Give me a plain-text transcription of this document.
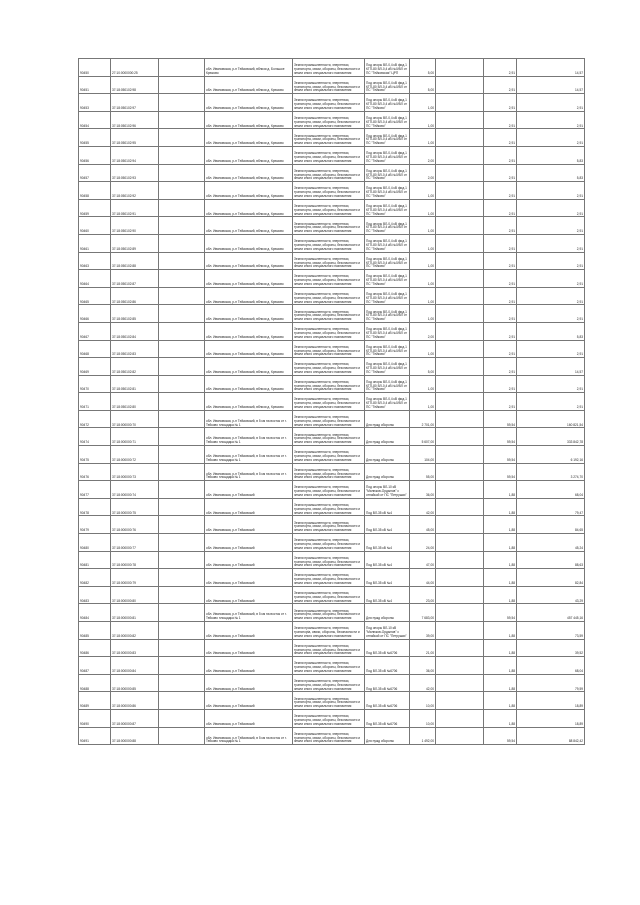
90450	27:10:0000000:25		обл. Ивановская, р-н Тейковский, вблизи д. Большое Крюково	Земли промышленности, энергетики, транспорта, связи, обороны, безопасности и земли иного специального назначения	Под опоры ВЛ-0,4 кВ фид.1 КТП-80 ВЛ-0,4 кВ №0/ВЛ от ПС "Тейковская" ЦРП	5,00		2,91	14,57
90451	37:18:050102:98		обл. Ивановская, р-н Тейковский, вблизи д. Крюково	Земли промышленности, энергетики, транспорта, связи, обороны, безопасности и земли иного специального назначения	Под опоры ВЛ-0,4 кВ фид.1 КТП-80 ВЛ-0,4 кВ №0/ВЛ от ПС "Тейково"	5,00		2,91	14,57
90453	37:18:050102:97		обл. Ивановская, р-н Тейковский, вблизи д. Крюково	Земли промышленности, энергетики, транспорта, связи, обороны, безопасности и земли иного специального назначения	Под опоры ВЛ-0,4 кВ фид.1 КТП-80 ВЛ-0,4 кВ №0/ВЛ от ПС "Тейково"	1,00		2,91	2,91
90454	37:18:050102:96		обл. Ивановская, р-н Тейковский, вблизи д. Крюково	Земли промышленности, энергетики, транспорта, связи, обороны, безопасности и земли иного специального назначения	Под опоры ВЛ-0,4 кВ фид.1 КТП-80 ВЛ-0,4 кВ №0/ВЛ от ПС "Тейково"	1,00		2,91	2,91
90455	37:18:050102:95		обл. Ивановская, р-н Тейковский, вблизи д. Крюково	Земли промышленности, энергетики, транспорта, связи, обороны, безопасности и земли иного специального назначения	Под опоры ВЛ-0,4 кВ фид.1 КТП-80 ВЛ-0,4 кВ №0/ВЛ от ПС "Тейково"	1,00		2,91	2,91
90456	37:18:050102:94		обл. Ивановская, р-н Тейковский, вблизи д. Крюково	Земли промышленности, энергетики, транспорта, связи, обороны, безопасности и земли иного специального назначения	Под опоры ВЛ-0,4 кВ фид.1 КТП-80 ВЛ-0,4 кВ №0/ВЛ от ПС "Тейково"	2,00		2,91	5,83
90457	37:18:050102:93		обл. Ивановская, р-н Тейковский, вблизи д. Крюково	Земли промышленности, энергетики, транспорта, связи, обороны, безопасности и земли иного специального назначения	Под опоры ВЛ-0,4 кВ фид.1 КТП-80 ВЛ-0,4 кВ №0/ВЛ от ПС "Тейково"	2,00		2,91	5,83
90458	37:18:050102:92		обл. Ивановская, р-н Тейковский, вблизи д. Крюково	Земли промышленности, энергетики, транспорта, связи, обороны, безопасности и земли иного специального назначения	Под опоры ВЛ-0,4 кВ фид.1 КТП-80 ВЛ-0,4 кВ №0/ВЛ от ПС "Тейково"	1,00		2,91	2,91
90459	37:18:050102:91		обл. Ивановская, р-н Тейковский, вблизи д. Крюково	Земли промышленности, энергетики, транспорта, связи, обороны, безопасности и земли иного специального назначения	Под опоры ВЛ-0,4 кВ фид.1 КТП-80 ВЛ-0,4 кВ №0/ВЛ от ПС "Тейково"	1,00		2,91	2,91
90460	37:18:050102:90		обл. Ивановская, р-н Тейковский, вблизи д. Крюково	Земли промышленности, энергетики, транспорта, связи, обороны, безопасности и земли иного специального назначения	Под опоры ВЛ-0,4 кВ фид.1 КТП-80 ВЛ-0,4 кВ №0/ВЛ от ПС "Тейково"	1,00		2,91	2,91
90461	37:18:050102:89		обл. Ивановская, р-н Тейковский, вблизи д. Крюково	Земли промышленности, энергетики, транспорта, связи, обороны, безопасности и земли иного специального назначения	Под опоры ВЛ-0,4 кВ фид.1 КТП-80 ВЛ-0,4 кВ №0/ВЛ от ПС "Тейково"	1,00		2,91	2,91
90463	37:18:050102:88		обл. Ивановская, р-н Тейковский, вблизи д. Крюково	Земли промышленности, энергетики, транспорта, связи, обороны, безопасности и земли иного специального назначения	Под опоры ВЛ-0,4 кВ фид.1 КТП-80 ВЛ-0,4 кВ №0/ВЛ от ПС "Тейково"	1,00		2,91	2,91
90464	37:18:050102:87		обл. Ивановская, р-н Тейковский, вблизи д. Крюково	Земли промышленности, энергетики, транспорта, связи, обороны, безопасности и земли иного специального назначения	Под опоры ВЛ-0,4 кВ фид.1 КТП-80 ВЛ-0,4 кВ №0/ВЛ от ПС "Тейково"	1,00		2,91	2,91
90465	37:18:050102:86		обл. Ивановская, р-н Тейковский, вблизи д. Крюково	Земли промышленности, энергетики, транспорта, связи, обороны, безопасности и земли иного специального назначения	Под опоры ВЛ-0,4 кВ фид.1 КТП-80 ВЛ-0,4 кВ №0/ВЛ от ПС "Тейково"	1,00		2,91	2,91
90466	37:18:050102:85		обл. Ивановская, р-н Тейковский, вблизи д. Крюково	Земли промышленности, энергетики, транспорта, связи, обороны, безопасности и земли иного специального назначения	Под опоры ВЛ-0,4 кВ фид.1 КТП-80 ВЛ-0,4 кВ №0/ВЛ от ПС "Тейково"	1,00		2,91	2,91
90467	37:18:050102:84		обл. Ивановская, р-н Тейковский, вблизи д. Крюково	Земли промышленности, энергетики, транспорта, связи, обороны, безопасности и земли иного специального назначения	Под опоры ВЛ-0,4 кВ фид.1 КТП-80 ВЛ-0,4 кВ №0/ВЛ от ПС "Тейково"	2,00		2,91	5,83
90468	37:18:050102:83		обл. Ивановская, р-н Тейковский, вблизи д. Крюково	Земли промышленности, энергетики, транспорта, связи, обороны, безопасности и земли иного специального назначения	Под опоры ВЛ-0,4 кВ фид.1 КТП-80 ВЛ-0,4 кВ №0/ВЛ от ПС "Тейково"	1,00		2,91	2,91
90469	37:18:050102:82		обл. Ивановская, р-н Тейковский, вблизи д. Крюково	Земли промышленности, энергетики, транспорта, связи, обороны, безопасности и земли иного специального назначения	Под опоры ВЛ-0,4 кВ фид.1 КТП-80 ВЛ-0,4 кВ №0/ВЛ от ПС "Тейково"	5,00		2,91	14,57
90470	37:18:050102:81		обл. Ивановская, р-н Тейковский, вблизи д. Крюково	Земли промышленности, энергетики, транспорта, связи, обороны, безопасности и земли иного специального назначения	Под опоры ВЛ-0,4 кВ фид.1 КТП-80 ВЛ-0,4 кВ №0/ВЛ от ПС "Тейково"	1,00		2,91	2,91
90471	37:18:050102:80		обл. Ивановская, р-н Тейковский, вблизи д. Крюково	Земли промышленности, энергетики, транспорта, связи, обороны, безопасности и земли иного специального назначения	Под опоры ВЛ-0,4 кВ фид.1 КТП-80 ВЛ-0,4 кВ №0/ВЛ от ПС "Тейково"	1,00		2,91	2,91
90472	37:18:000000:70		обл. Ивановская, р-н Тейковский, в 5 км на восток от г. Тейково площадка № 1	Земли промышленности, энергетики, транспорта, связи, обороны, безопасности и земли иного специального назначения	Для нужд обороны	2 701,00		59,54	160 821,54
90474	37:18:000000:71		обл. Ивановская, р-н Тейковский, в 5 км на восток от г. Тейково площадка № 1	Земли промышленности, энергетики, транспорта, связи, обороны, безопасности и земли иного специального назначения	Для нужд обороны	5 607,00		59,54	333 842,78
90475	37:18:000000:72		обл. Ивановская, р-н Тейковский, в 5 км на восток от г. Тейково площадка № 1	Земли промышленности, энергетики, транспорта, связи, обороны, безопасности и земли иного специального назначения	Для нужд обороны	104,00		59,54	6 192,16
90476	37:18:000000:73		обл. Ивановская, р-н Тейковский, в 5 км на восток от г. Тейково площадка № 1	Земли промышленности, энергетики, транспорта, связи, обороны, безопасности и земли иного специального назначения	Для нужд обороны	55,00		59,54	3 274,70
90477	37:18:000000:74		обл. Ивановская, р-н Тейковский	Земли промышленности, энергетики, транспорта, связи, обороны, безопасности и земли иного специального назначения	Под опоры ВЛ-10 кВ "Милюков-Ордынов" с отпайкой от ПС "Петрушки"	36,00		1,88	68,04
90478	37:18:000000:75		обл. Ивановская, р-н Тейковский	Земли промышленности, энергетики, транспорта, связи, обороны, безопасности и земли иного специального назначения	Под ВЛ-35 кВ №4	42,00		1,88	79,47
90479	37:18:000000:76		обл. Ивановская, р-н Тейковский	Земли промышленности, энергетики, транспорта, связи, обороны, безопасности и земли иного специального назначения	Под ВЛ-35 кВ №4	45,00		1,88	84,65
90480	37:18:000000:77		обл. Ивановская, р-н Тейковский	Земли промышленности, энергетики, транспорта, связи, обороны, безопасности и земли иного специального назначения	Под ВЛ-35 кВ №4	24,00		1,88	45,24
90481	37:18:000000:78		обл. Ивановская, р-н Тейковский	Земли промышленности, энергетики, транспорта, связи, обороны, безопасности и земли иного специального назначения	Под ВЛ-35 кВ №4	47,00		1,88	88,63
90482	37:18:000000:79		обл. Ивановская, р-н Тейковский	Земли промышленности, энергетики, транспорта, связи, обороны, безопасности и земли иного специального назначения	Под ВЛ-35 кВ №4	44,00		1,88	82,84
90483	37:18:000000:80		обл. Ивановская, р-н Тейковский	Земли промышленности, энергетики, транспорта, связи, обороны, безопасности и земли иного специального назначения	Под ВЛ-35 кВ №4	23,00		1,88	43,29
90484	37:18:000000:81		обл. Ивановская, р-н Тейковский, в 5 км на восток от г. Тейково площадка № 1	Земли промышленности, энергетики, транспорта, связи, обороны, безопасности и земли иного специального назначения	Для нужд обороны	7 683,00		59,54	457 445,16
90485	37:18:000000:82		обл. Ивановская, р-н Тейковский	Земли промышленности, энергетики, транспорta, связи, обороны, безопасности и земли иного специального назначения	Под опоры ВЛ-10 кВ "Милюков-Ордынов" с отпайкой от ПС "Петрушки"	39,00		1,88	73,59
90486	37:18:000000:83		обл. Ивановская, р-н Тейковский	Земли промышленности, энергетики, транспорта, связи, обороны, безопасности и земли иного специального назначения	Под ВЛ-35 кВ №6706	21,00		1,88	39,52
90487	37:18:000000:84		обл. Ивановская, р-н Тейковский	Земли промышленности, энергетики, транспорта, связи, обороны, безопасности и земли иного специального назначения	Под ВЛ-35 кВ №6706	36,00		1,88	68,04
90488	37:18:000000:85		обл. Ивановская, р-н Тейковский	Земли промышленности, энергетики, транспорта, связи, обороны, безопасности и земли иного специального назначения	Под ВЛ-35 кВ №6706	42,00		1,88	79,59
90489	37:18:000000:86		обл. Ивановская, р-н Тейковский	Земли промышленности, энергетики, транспорта, связи, обороны, безопасности и земли иного специального назначения	Под ВЛ-35 кВ №6706	10,00		1,88	18,89
90490	37:18:000000:87		обл. Ивановская, р-н Тейковский	Земли промышленности, энергетики, транспорта, связи, обороны, безопасности и земли иного специального назначения	Под ВЛ-35 кВ №6706	10,00		1,88	18,89
90491	37:18:000000:88		обл. Ивановская, р-н Тейковский, в 5 км на восток от г. Тейково площадка № 1	Земли промышленности, энергетики, транспорта, связи, обороны, безопасности и земли иного специального назначения	Для нужд обороны	1 492,00		59,54	88 842,42
